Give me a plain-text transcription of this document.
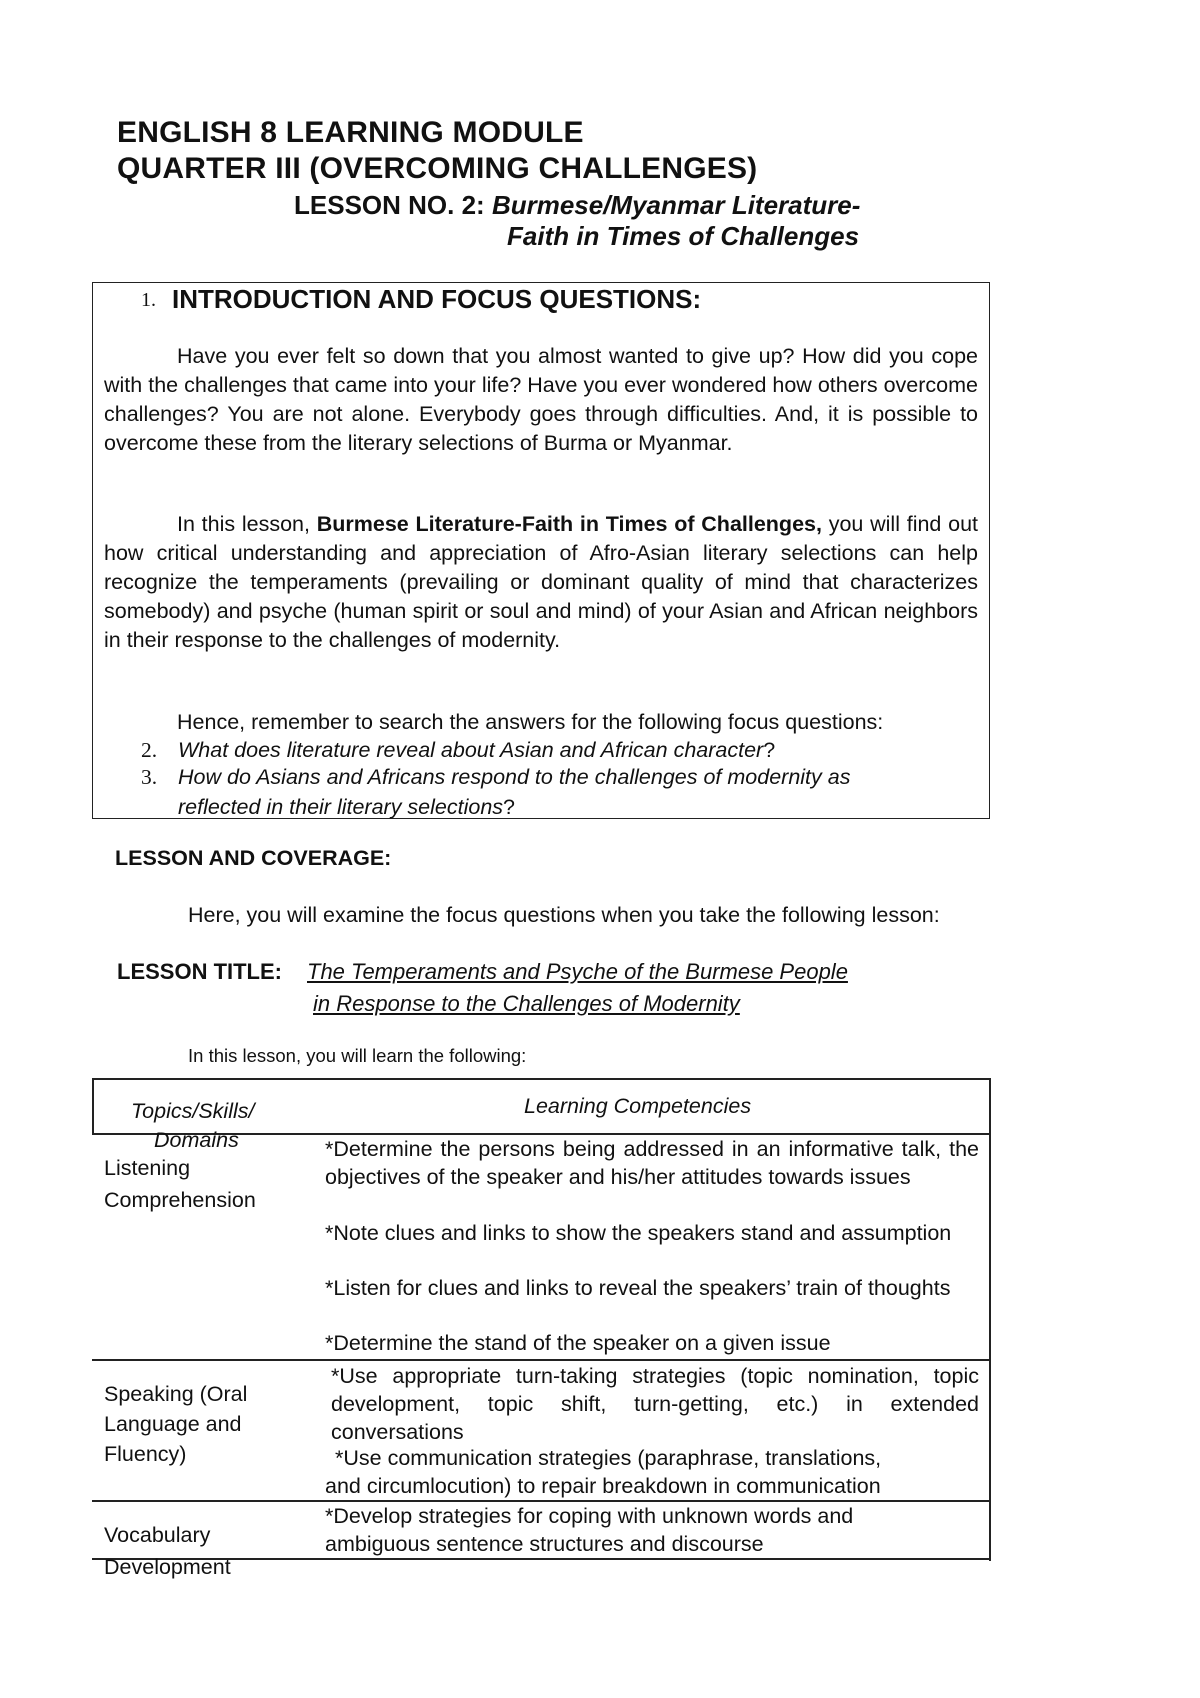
ENGLISH 8 LEARNING MODULE
QUARTER III (OVERCOMING CHALLENGES)
LESSON NO. 2: Burmese/Myanmar Literature-
Faith in Times of Challenges
1. INTRODUCTION AND FOCUS QUESTIONS:

Have you ever felt so down that you almost wanted to give up? How did you cope with the challenges that came into your life? Have you ever wondered how others overcome challenges? You are not alone. Everybody goes through difficulties. And, it is possible to overcome these from the literary selections of Burma or Myanmar.

In this lesson, Burmese Literature-Faith in Times of Challenges, you will find out how critical understanding and appreciation of Afro-Asian literary selections can help recognize the temperaments (prevailing or dominant quality of mind that characterizes somebody) and psyche (human spirit or soul and mind) of your Asian and African neighbors in their response to the challenges of modernity.

Hence, remember to search the answers for the following focus questions:

2. What does literature reveal about Asian and African character?
3. How do Asians and Africans respond to the challenges of modernity as
reflected in their literary selections?
LESSON AND COVERAGE:
Here, you will examine the focus questions when you take the following lesson:
LESSON TITLE: The Temperaments and Psyche of the Burmese People
in Response to the Challenges of Modernity
In this lesson, you will learn the following:
Topics/Skills/
Domains
Learning Competencies
Listening
Comprehension

*Determine the persons being addressed in an informative talk, the objectives of the speaker and his/her attitudes towards issues

*Note clues and links to show the speakers stand and assumption

*Listen for clues and links to reveal the speakers’ train of thoughts

*Determine the stand of the speaker on a given issue

Speaking (Oral
Language and
Fluency)

*Use appropriate turn-taking strategies (topic nomination, topic development, topic shift, turn-getting, etc.) in extended conversations

*Use communication strategies (paraphrase, translations,

and circumlocution) to repair breakdown in communication

Vocabulary
Development

*Develop strategies for coping with unknown words and

ambiguous sentence structures and discourse
